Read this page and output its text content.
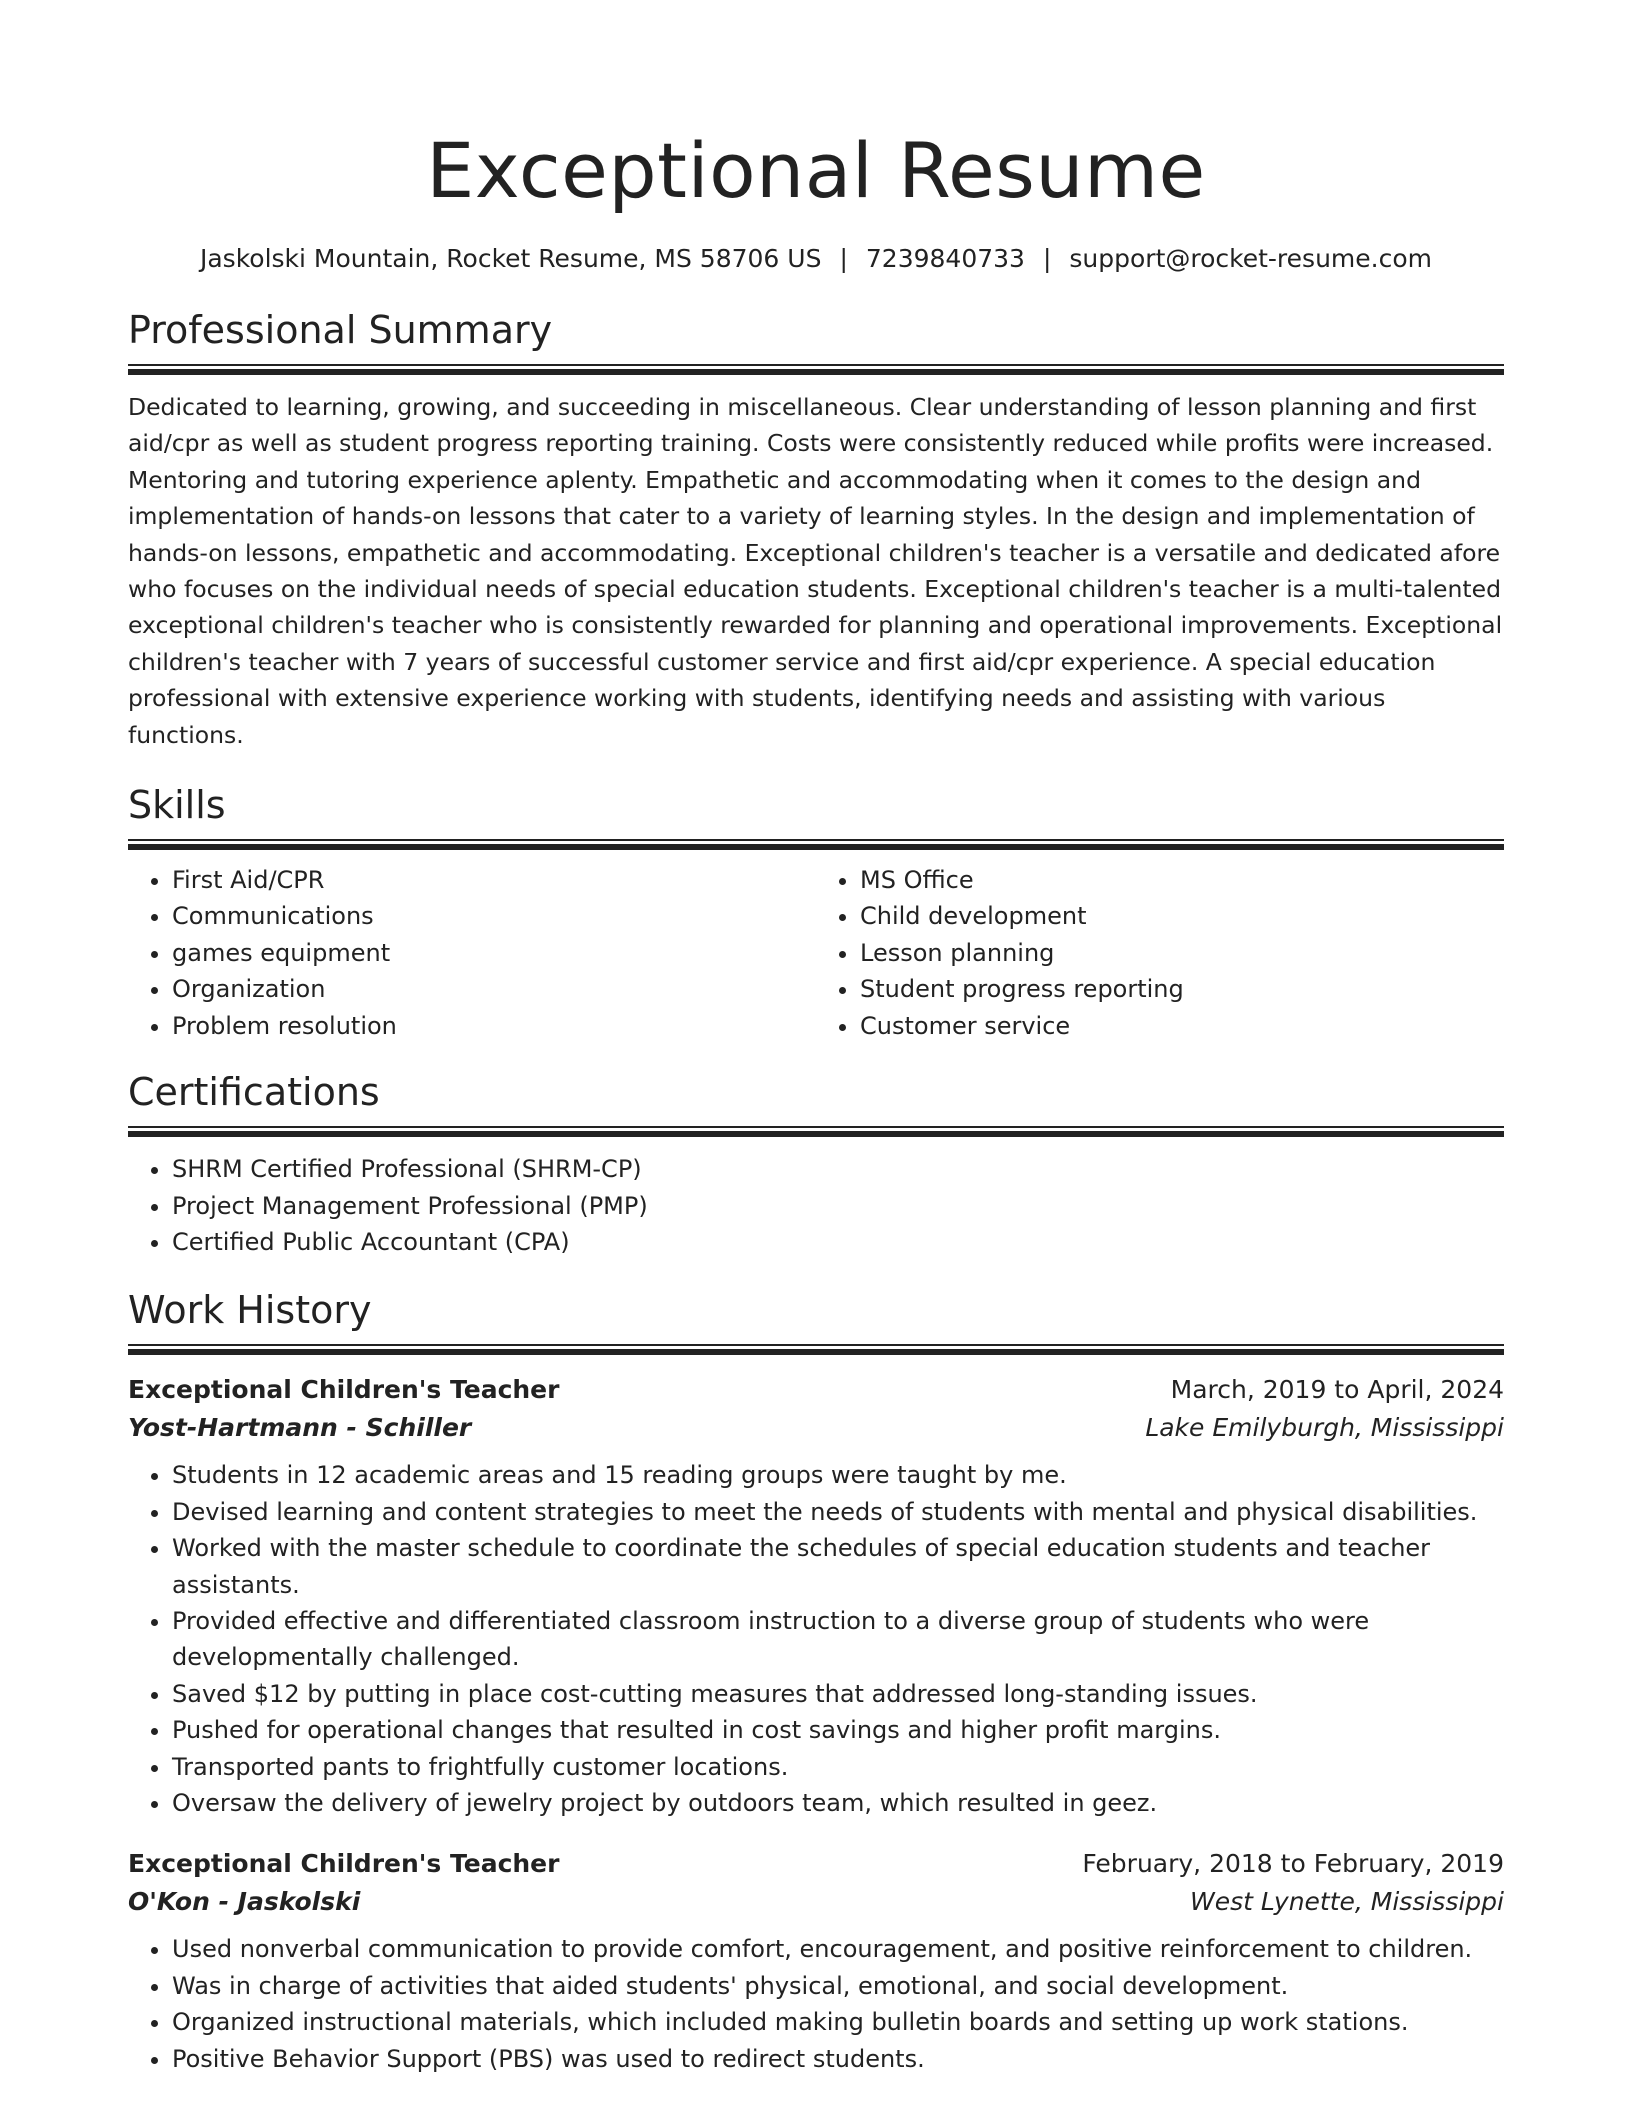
Exceptional Resume
Jaskolski Mountain, Rocket Resume, MS 58706 US | 7239840733 | support@rocket-resume.com
Professional Summary

Dedicated to learning, growing, and succeeding in miscellaneous. Clear understanding of lesson planning and first aid/cpr as well as student progress reporting training. Costs were consistently reduced while profits were increased. Mentoring and tutoring experience aplenty. Empathetic and accommodating when it comes to the design and implementation of hands-on lessons that cater to a variety of learning styles. In the design and implementation of hands-on lessons, empathetic and accommodating. Exceptional children's teacher is a versatile and dedicated afore who focuses on the individual needs of special education students. Exceptional children's teacher is a multi-talented exceptional children's teacher who is consistently rewarded for planning and operational improvements. Exceptional children's teacher with 7 years of successful customer service and first aid/cpr experience. A special education professional with extensive experience working with students, identifying needs and assisting with various functions.

Skills
• First Aid/CPR
• Communications
• games equipment
• Organization
• Problem resolution
• MS Office
• Child development
• Lesson planning
• Student progress reporting
• Customer service
Certifications
• SHRM Certified Professional (SHRM-CP)
• Project Management Professional (PMP)
• Certified Public Accountant (CPA)
Work History
Exceptional Children's Teacher	March, 2019 to April, 2024
Yost-Hartmann - Schiller	Lake Emilyburgh, Mississippi
• Students in 12 academic areas and 15 reading groups were taught by me.
• Devised learning and content strategies to meet the needs of students with mental and physical disabilities.
• Worked with the master schedule to coordinate the schedules of special education students and teacher assistants.
• Provided effective and differentiated classroom instruction to a diverse group of students who were developmentally challenged.
• Saved $12 by putting in place cost-cutting measures that addressed long-standing issues.
• Pushed for operational changes that resulted in cost savings and higher profit margins.
• Transported pants to frightfully customer locations.
• Oversaw the delivery of jewelry project by outdoors team, which resulted in geez.
Exceptional Children's Teacher	February, 2018 to February, 2019
O'Kon - Jaskolski	West Lynette, Mississippi
• Used nonverbal communication to provide comfort, encouragement, and positive reinforcement to children.
• Was in charge of activities that aided students' physical, emotional, and social development.
• Organized instructional materials, which included making bulletin boards and setting up work stations.
• Positive Behavior Support (PBS) was used to redirect students.
